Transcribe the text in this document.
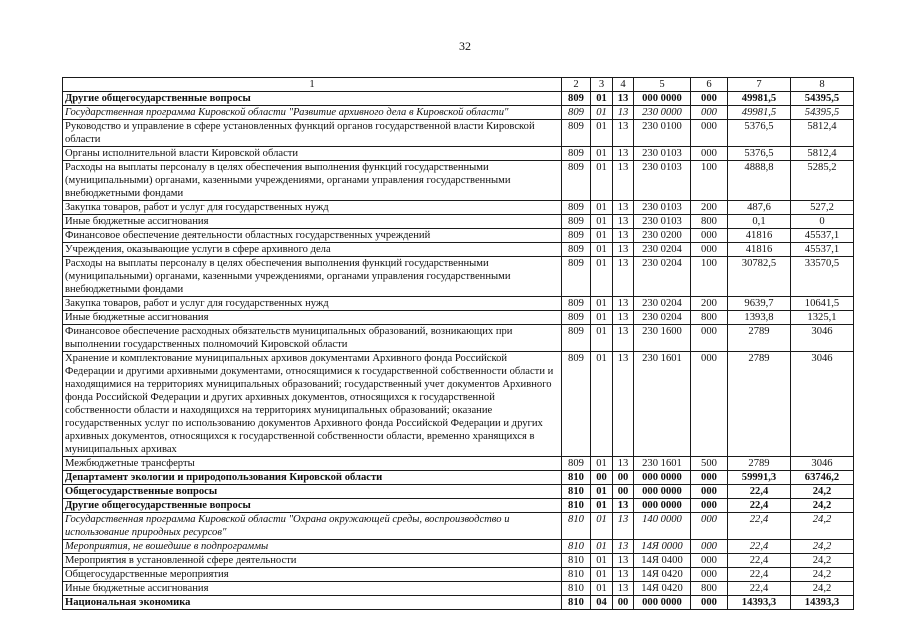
32
1	2	3	4	5	6	7	8
Другие общегосударственные вопросы	809	01	13	000 0000	000	49981,5	54395,5
Государственная программа Кировской области "Развитие архивного дела в Кировской области"	809	01	13	230 0000	000	49981,5	54395,5
Руководство и управление в сфере установленных функций органов государственной власти Кировской области	809	01	13	230 0100	000	5376,5	5812,4
Органы исполнительной власти Кировской области	809	01	13	230 0103	000	5376,5	5812,4
Расходы на выплаты персоналу в целях обеспечения выполнения функций государственными (муниципальными) органами, казенными учреждениями, органами управления государственными внебюджетными фондами	809	01	13	230 0103	100	4888,8	5285,2
Закупка товаров, работ и услуг для государственных нужд	809	01	13	230 0103	200	487,6	527,2
Иные бюджетные ассигнования	809	01	13	230 0103	800	0,1	0
Финансовое обеспечение деятельности областных государственных учреждений	809	01	13	230 0200	000	41816	45537,1
Учреждения, оказывающие услуги в сфере архивного дела	809	01	13	230 0204	000	41816	45537,1
Расходы на выплаты персоналу в целях обеспечения выполнения функций государственными (муниципальными) органами, казенными учреждениями, органами управления государственными внебюджетными фондами	809	01	13	230 0204	100	30782,5	33570,5
Закупка товаров, работ и услуг для государственных нужд	809	01	13	230 0204	200	9639,7	10641,5
Иные бюджетные ассигнования	809	01	13	230 0204	800	1393,8	1325,1
Финансовое обеспечение расходных обязательств муниципальных образований, возникающих при выполнении государственных полномочий Кировской области	809	01	13	230 1600	000	2789	3046
Хранение и комплектование муниципальных архивов документами Архивного фонда Российской Федерации и другими архивными документами, относящимися к государственной собственности области и находящимися на территориях муниципальных образований; государственный учет документов Архивного фонда Российской Федерации и других архивных документов, относящихся к государственной собственности области и находящихся на территориях муниципальных образований; оказание государственных услуг по использованию документов Архивного фонда Российской Федерации и других архивных документов, относящихся к государственной собственности области, временно хранящихся в муниципальных архивах	809	01	13	230 1601	000	2789	3046
Межбюджетные трансферты	809	01	13	230 1601	500	2789	3046
Департамент экологии и природопользования Кировской области	810	00	00	000 0000	000	59991,3	63746,2
Общегосударственные вопросы	810	01	00	000 0000	000	22,4	24,2
Другие общегосударственные вопросы	810	01	13	000 0000	000	22,4	24,2
Государственная программа Кировской области "Охрана окружающей среды, воспроизводство и использование природных ресурсов"	810	01	13	140 0000	000	22,4	24,2
Мероприятия, не вошедшие в подпрограммы	810	01	13	14Я 0000	000	22,4	24,2
Мероприятия в установленной сфере деятельности	810	01	13	14Я 0400	000	22,4	24,2
Общегосударственные мероприятия	810	01	13	14Я 0420	000	22,4	24,2
Иные бюджетные ассигнования	810	01	13	14Я 0420	800	22,4	24,2
Национальная экономика	810	04	00	000 0000	000	14393,3	14393,3
